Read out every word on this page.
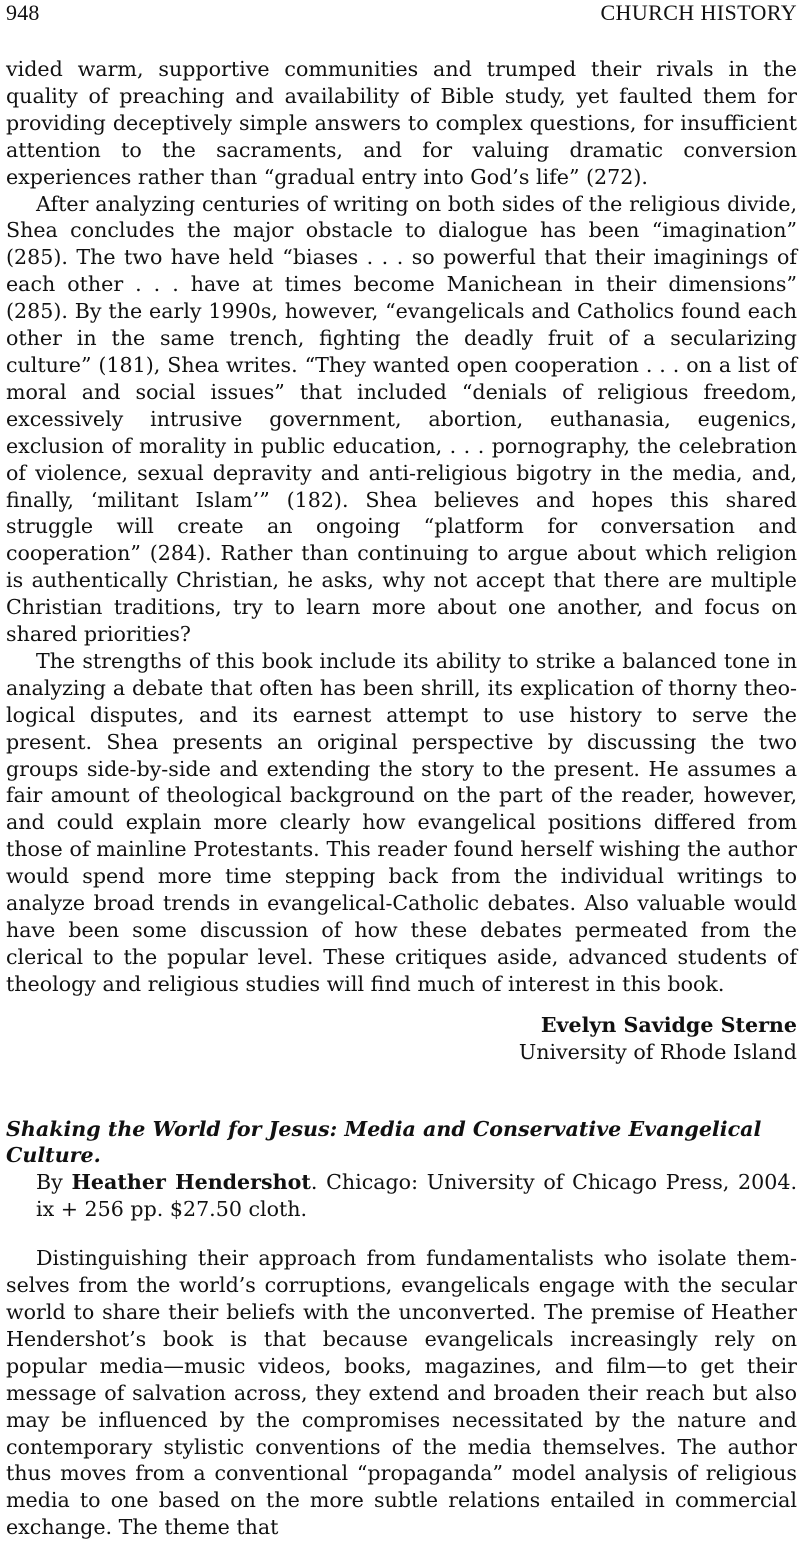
948	CHURCH HISTORY

vided warm, supportive communities and trumped their rivals in the quality of preaching and availability of Bible study, yet faulted them for providing deceptively simple answers to complex questions, for insufficient attention to the sacraments, and for valuing dramatic conversion experiences rather than “gradual entry into God’s life” (272).

After analyzing centuries of writing on both sides of the religious divide, Shea concludes the major obstacle to dialogue has been “imagination” (285). The two have held “biases . . . so powerful that their imaginings of each other . . . have at times become Manichean in their dimensions” (285). By the early 1990s, however, “evangelicals and Catholics found each other in the same trench, fighting the deadly fruit of a secularizing culture” (181), Shea writes. “They wanted open cooperation . . . on a list of moral and social issues” that included “denials of religious freedom, excessively intrusive government, abortion, euthanasia, eugenics, exclusion of morality in public education, . . . pornography, the celebration of violence, sexual depravity and anti-religious bigotry in the media, and, finally, ‘militant Islam’” (182). Shea believes and hopes this shared struggle will create an ongoing “platform for conversation and cooperation” (284). Rather than continuing to argue about which religion is authentically Christian, he asks, why not accept that there are multiple Christian traditions, try to learn more about one another, and focus on shared priorities?

The strengths of this book include its ability to strike a balanced tone in analyzing a debate that often has been shrill, its explication of thorny theological disputes, and its earnest attempt to use history to serve the present. Shea presents an original perspective by discussing the two groups side-by-side and extending the story to the present. He assumes a fair amount of theological background on the part of the reader, however, and could explain more clearly how evangelical positions differed from those of mainline Protestants. This reader found herself wishing the author would spend more time stepping back from the individual writings to analyze broad trends in evangelical-Catholic debates. Also valuable would have been some discussion of how these debates permeated from the clerical to the popular level. These critiques aside, advanced students of theology and religious studies will find much of interest in this book.

Evelyn Savidge Sterne
University of Rhode Island
Shaking the World for Jesus: Media and Conservative Evangelical Culture.
By Heather Hendershot. Chicago: University of Chicago Press, 2004. ix + 256 pp. $27.50 cloth.

Distinguishing their approach from fundamentalists who isolate themselves from the world’s corruptions, evangelicals engage with the secular world to share their beliefs with the unconverted. The premise of Heather Hendershot’s book is that because evangelicals increasingly rely on popular media—music videos, books, magazines, and film—to get their message of salvation across, they extend and broaden their reach but also may be influenced by the compromises necessitated by the nature and contemporary stylistic conventions of the media themselves. The author thus moves from a conventional “propaganda” model analysis of religious media to one based on the more subtle relations entailed in commercial exchange. The theme that
